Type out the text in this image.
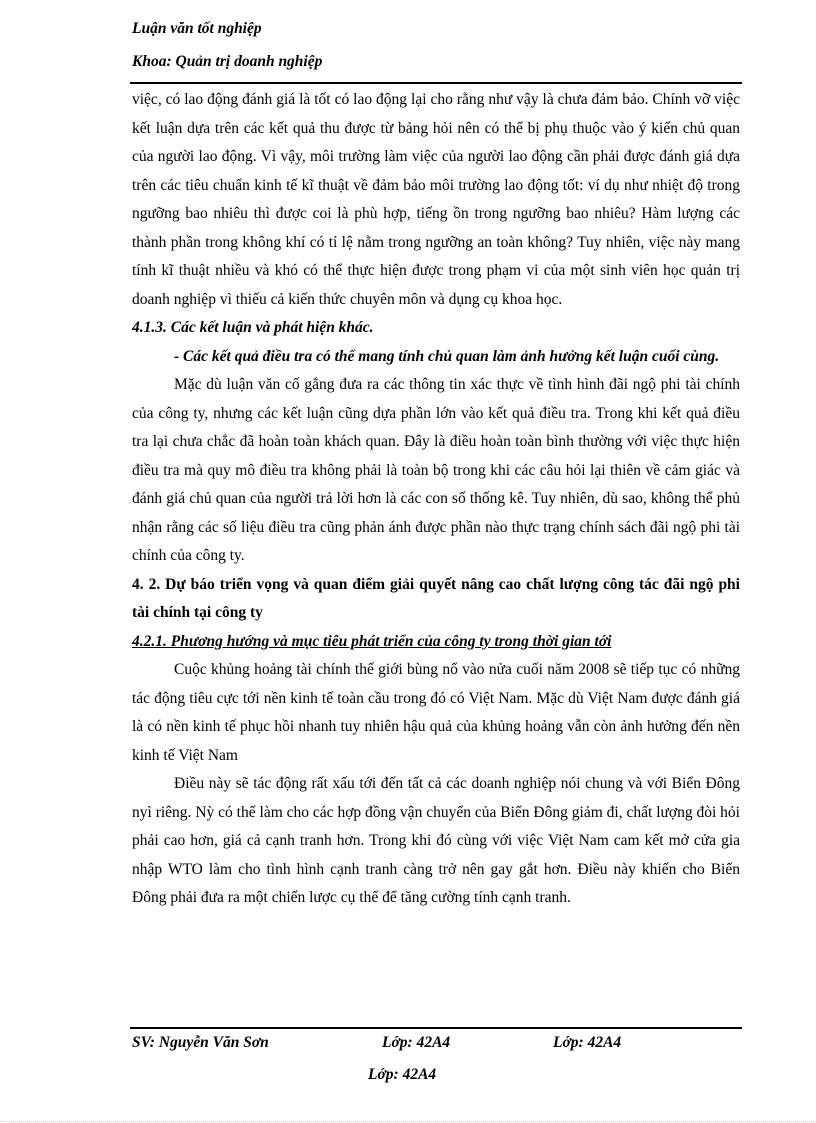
Luận văn tốt nghiệp
Khoa: Quản trị doanh nghiệp

việc, có lao động đánh giá là tốt có lao động lại cho rằng như vậy là chưa đảm bảo. Chính vỡ việc kết luận dựa trên các kết quả thu được từ bảng hỏi nên có thể bị phụ thuộc vào ý kiến chủ quan của người lao động. Vì vậy, môi trường làm việc của người lao động cần phải được đánh giá dựa trên các tiêu chuẩn kinh tế kĩ thuật về đảm bảo môi trường lao động tốt: ví dụ như nhiệt độ trong ngưỡng bao nhiêu thì được coi là phù hợp, tiếng ồn trong ngưỡng bao nhiêu? Hàm lượng các thành phần trong không khí có tỉ lệ nằm trong ngưỡng an toàn không? Tuy nhiên, việc này mang tính kĩ thuật nhiều và khó có thể thực hiện được trong phạm vi của một sinh viên học quản trị doanh nghiệp vì thiếu cả kiến thức chuyên môn và dụng cụ khoa học.

4.1.3. Các kết luận và phát hiện khác.

- Các kết quả điều tra có thể mang tính chủ quan làm ảnh hưởng kết luận cuối cùng.

Mặc dù luận văn cố gắng đưa ra các thông tin xác thực về tình hình đãi ngộ phi tài chính của công ty, nhưng các kết luận cũng dựa phần lớn vào kết quả điều tra. Trong khi kết quả điều tra lại chưa chắc đã hoàn toàn khách quan. Đây là điều hoàn toàn bình thường với việc thực hiện điều tra mà quy mô điều tra không phải là toàn bộ trong khi các câu hỏi lại thiên về cảm giác và đánh giá chủ quan của người trả lời hơn là các con số thống kê. Tuy nhiên, dù sao, không thể phủ nhận rằng các số liệu điều tra cũng phản ánh được phần nào thực trạng chính sách đãi ngộ phi tài chính của công ty.

4. 2. Dự báo triển vọng và quan điểm giải quyết nâng cao chất lượng công tác đãi ngộ phi tài chính tại công ty

4.2.1. Phương hướng và mục tiêu phát triển của công ty trong thời gian tới

Cuộc khủng hoảng tài chính thế giới bùng nổ vào nửa cuối năm 2008 sẽ tiếp tục có những tác động tiêu cực tới nền kinh tế toàn cầu trong đó có Việt Nam. Mặc dù Việt Nam được đánh giá là có nền kinh tế phục hồi nhanh tuy nhiên hậu quả của khủng hoảng vẫn còn ảnh hưởng đến nền kinh tế Việt Nam

Điều này sẽ tác động rất xấu tới đến tất cả các doanh nghiệp nói chung và với Biển Đông nyì riêng. Nỳ có thể làm cho các hợp đồng vận chuyển của Biển Đông giảm đi, chất lượng đòi hỏi phải cao hơn, giá cả cạnh tranh hơn. Trong khi đó cùng với việc Việt Nam cam kết mở cửa gia nhập WTO làm cho tình hình cạnh tranh càng trở nên gay gắt hơn. Điều này khiến cho Biển Đông phải đưa ra một chiến lược cụ thể để tăng cường tính cạnh tranh.

SV: Nguyễn Văn Sơn	Lớp: 42A4	Lớp: 42A4
Lớp: 42A4
